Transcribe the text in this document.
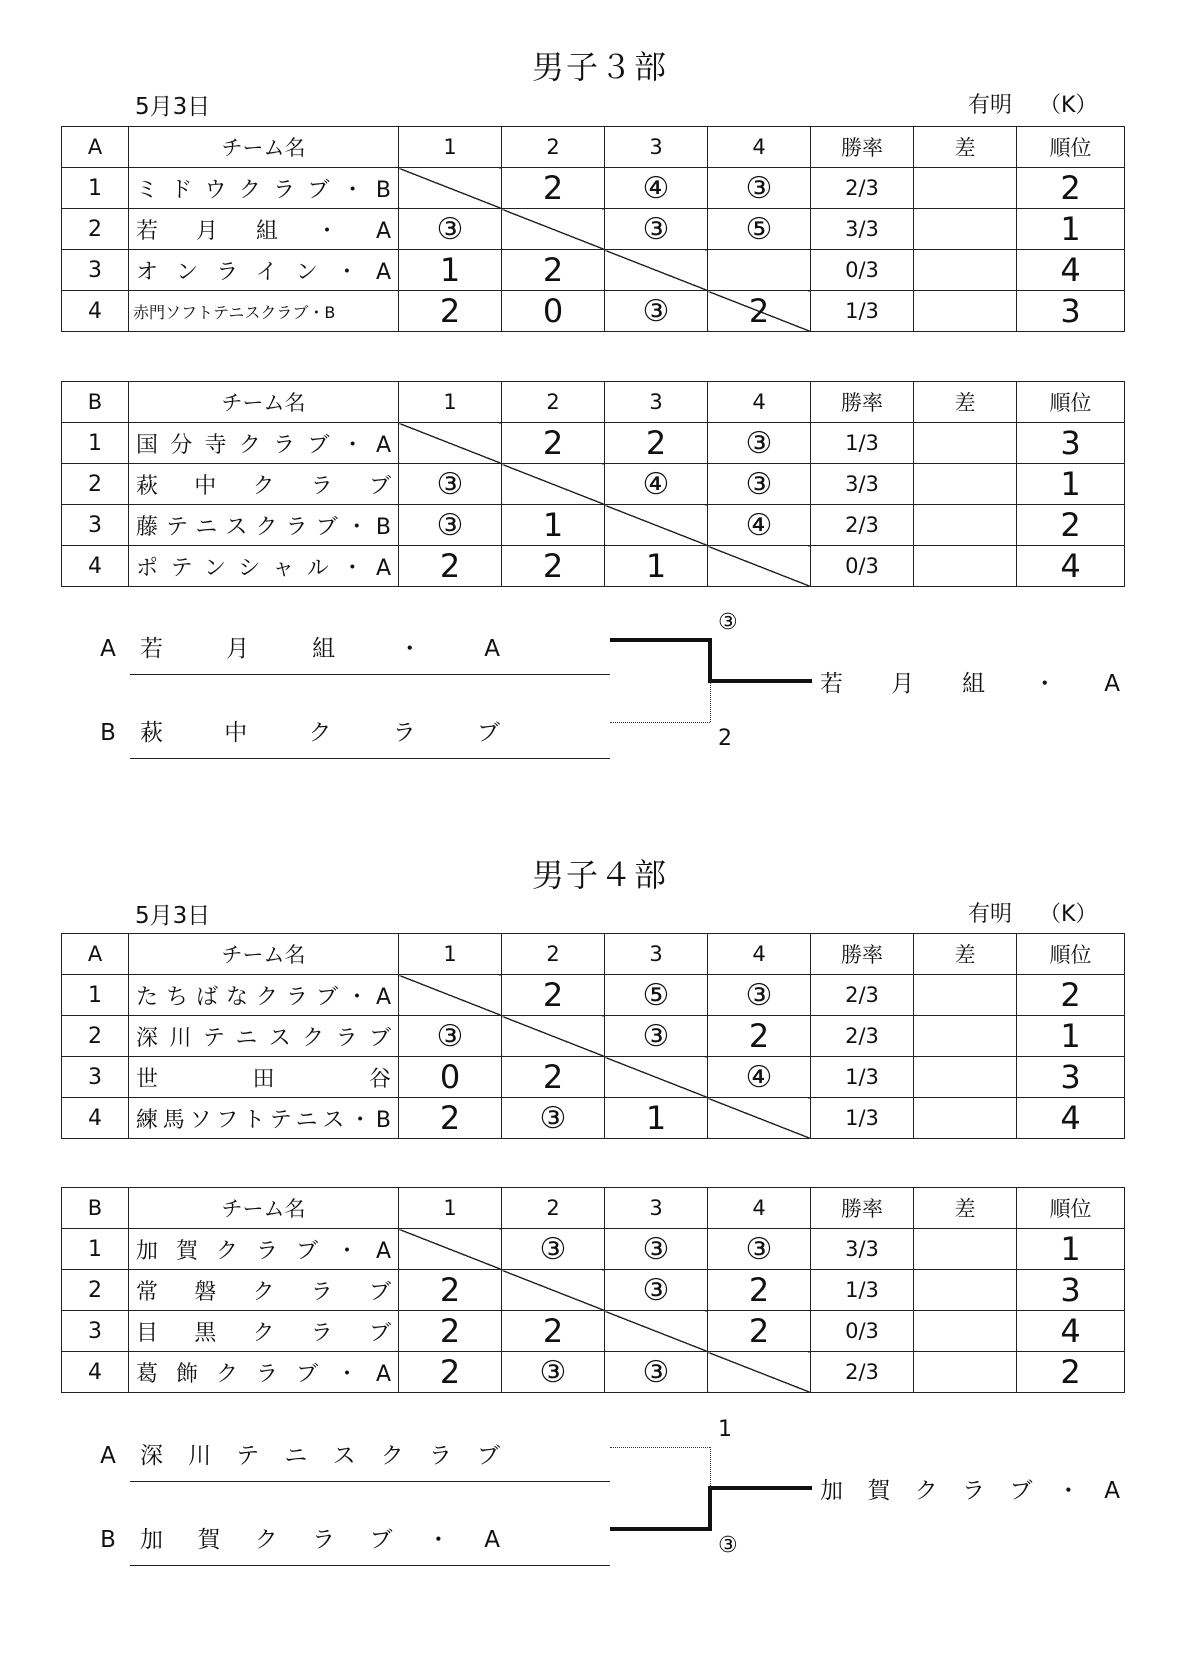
男子３部
5月3日	有明 （K）
A	チーム名	1	2	3	4	勝率	差	順位
1	ミドウクラブ・B		2	④	③	2/3		2
2	若　月　組　・　A	③		③	⑤	3/3		1
3	オンライン・A	1	2			0/3		4
4	赤門ソフトテニスクラブ・B	2	0	③	2	1/3		3
B	チーム名	1	2	3	4	勝率	差	順位
1	国分寺クラブ・A		2	2	③	1/3		3
2	萩　中　ク　ラ　ブ	③		④	③	3/3		1
3	藤テニスクラブ・B	③	1		④	2/3		2
4	ポテンシャル・A	2	2	1		0/3		4
A 若　月　組　・　A
B 萩　中　ク　ラ　ブ
③
2
若　月　組　・　A
男子４部
5月3日	有明 （K）
A	チーム名	1	2	3	4	勝率	差	順位
1	たちばなクラブ・A		2	⑤	③	2/3		2
2	深川テニスクラブ	③		③	2	2/3		1
3	世　田　谷	0	2		④	1/3		3
4	練馬ソフトテニス・B	2	③	1		1/3		4
B	チーム名	1	2	3	4	勝率	差	順位
1	加賀クラブ・A		③	③	③	3/3		1
2	常　磐　ク　ラ　ブ	2		③	2	1/3		3
3	目　黒　ク　ラ　ブ	2	2		2	0/3		4
4	葛飾クラブ・A	2	③	③		2/3		2
A 深　川　テ　ニ　ス　ク　ラ　ブ
B 加　賀　ク　ラ　ブ　・　A
1
③
加　賀　ク　ラ　ブ　・　A
